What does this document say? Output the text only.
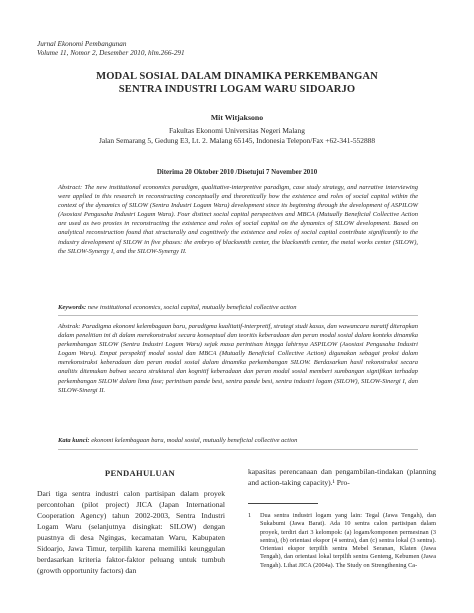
Jurnal Ekonomi Pembangunan
Volume 11, Nomor 2, Desember 2010, hlm.266-291
MODAL SOSIAL DALAM DINAMIKA PERKEMBANGAN
SENTRA INDUSTRI LOGAM WARU SIDOARJO
Mit Witjaksono
Fakultas Ekonomi Universitas Negeri Malang
Jalan Semarang 5, Gedung E3, Lt. 2. Malang 65145, Indonesia Telepon/Fax +62-341-552888
Diterima 20 Oktober 2010 /Disetujui 7 November 2010
Abstract: The new institutional economics paradigm, qualitative-interpretive paradigm, case study strategy, and narrative interviewing were applied in this research in reconstructing conceptually and theoretically how the existence and roles of social capital within the context of the dynamics of SILOW (Sentra Industri Logam Waru) development since its beginning through the development of ASPILOW (Asosiasi Pengusaha Industri Logam Waru). Four distinct social capital perspectives and MBCA (Mutually Beneficial Collective Action are used as two proxies in reconstructing the existence and roles of social capital on the dynamics of SILOW development. Based on analytical reconstruction found that structurally and cognitively the existence and roles of social capital contribute significantly to the industry development of SILOW in five phases: the embryo of blacksmith center, the blacksmith center, the metal works center (SILOW), the SILOW-Synergy I, and the SILOW-Synergy II.
Keywords: new institutional economics, social capital, mutually beneficial collective action
Abstrak: Paradigma ekonomi kelembagaan baru, paradigma kualitatif-interpretif, strategi studi kasus, dan wawancara naratif diterapkan dalam penelitian ini di dalam merekonstruksi secara konseptual dan teoritis keberadaan dan peran modal sosial dalam konteks dinamika perkembangan SILOW (Sentra Industri Logam Waru) sejak masa perintisan hingga lahirnya ASPILOW (Asosiasi Pengusaha Industri Logam Waru). Empat perspektif modal sosial dan MBCA (Mutually Beneficial Collective Action) digunakan sebagai proksi dalam merekonstruksi keberadaan dan peran modal sosial dalam dinamika perkembangan SILOW. Berdasarkan hasil rekonstruksi secara analitis ditemukan bahwa secara struktural dan kognitif keberadaan dan peran modal sosial memberi sumbangan signifikan terhadap perkembangan SILOW dalam lima fase; perintisan pande besi, sentra pande besi, sentra industri logam (SILOW), SILOW-Sinergi I, dan SILOW-Sinergi II.
Kata kunci: ekonomi kelembagaan baru, modal sosial, mutually beneficial collective action
PENDAHULUAN

Dari tiga sentra industri calon partisipan dalam proyek percontohan (pilot project) JICA (Japan International Cooperation Agency) tahun 2002-2003, Sentra Industri Logam Waru (selanjutnya disingkat: SILOW) dengan puastnya di desa Ngingas, kecamatan Waru, Kabupaten Sidoarjo, Jawa Timur, terpilih karena memiliki keunggulan berdasarkan kriteria faktor-faktor peluang untuk tumbuh (growth opportunity factors) dan

kapasitas perencanaan dan pengambilan-tindakan (planning and action-taking capacity).¹ Pro-

1 Dua sentra industri logam yang lain: Tegal (Jawa Tengah), dan Sukabumi (Jawa Barat). Ada 10 sentra calon partisipan dalam proyek, terdiri dari 3 kelompok: (a) logam/komponen permesinan (3 sentra), (b) orientasi ekspor (4 sentra), dan (c) sentra lokal (3 sentra). Orientasi ekspor terpilih sentra Mebel Seranan, Klaten (Jawa Tengah), dan orientasi lokal terpilih sentra Genteng, Kebumen (Jawa Tengah). Lihat JICA (2004a). The Study on Strengthening Ca-
